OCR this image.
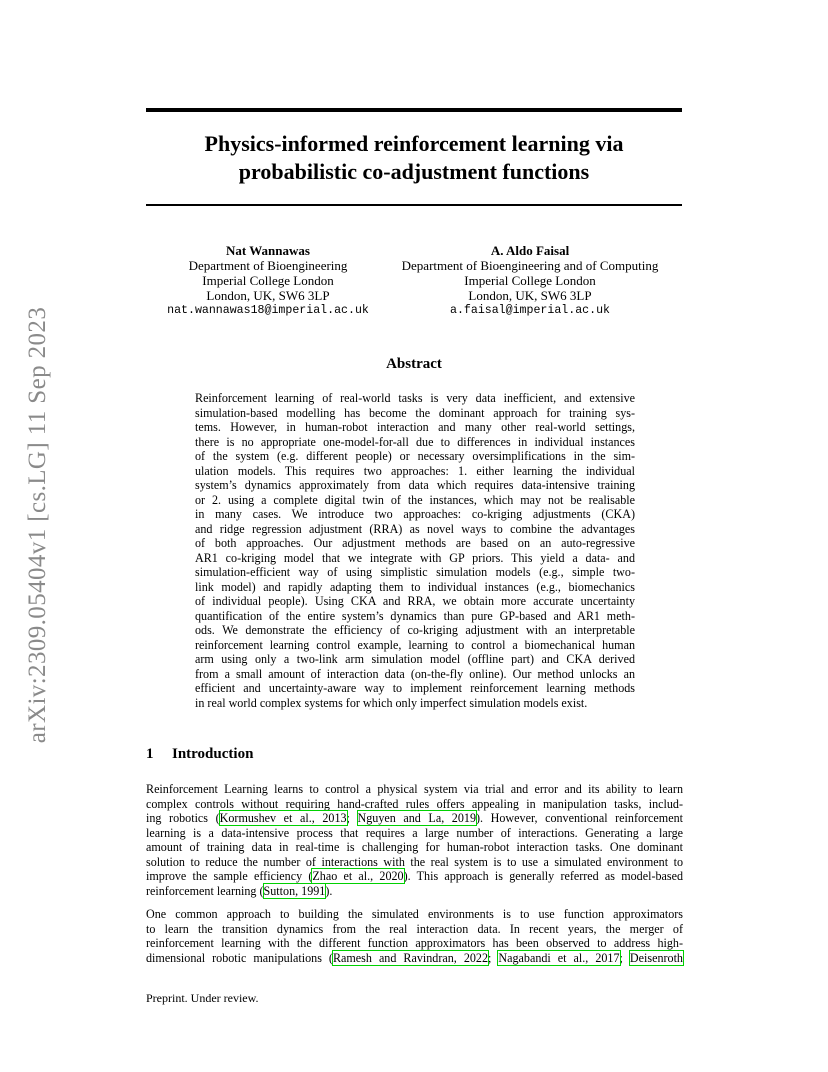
arXiv:2309.05404v1 [cs.LG] 11 Sep 2023
Physics-informed reinforcement learning via
probabilistic co-adjustment functions
Nat Wannawas
Department of Bioengineering
Imperial College London
London, UK, SW6 3LP
nat.wannawas18@imperial.ac.uk
A. Aldo Faisal
Department of Bioengineering and of Computing
Imperial College London
London, UK, SW6 3LP
a.faisal@imperial.ac.uk
Abstract
Reinforcement learning of real-world tasks is very data inefficient, and extensive
simulation-based modelling has become the dominant approach for training sys-
tems. However, in human-robot interaction and many other real-world settings,
there is no appropriate one-model-for-all due to differences in individual instances
of the system (e.g. different people) or necessary oversimplifications in the sim-
ulation models. This requires two approaches: 1. either learning the individual
system’s dynamics approximately from data which requires data-intensive training
or 2. using a complete digital twin of the instances, which may not be realisable
in many cases. We introduce two approaches: co-kriging adjustments (CKA)
and ridge regression adjustment (RRA) as novel ways to combine the advantages
of both approaches. Our adjustment methods are based on an auto-regressive
AR1 co-kriging model that we integrate with GP priors. This yield a data- and
simulation-efficient way of using simplistic simulation models (e.g., simple two-
link model) and rapidly adapting them to individual instances (e.g., biomechanics
of individual people). Using CKA and RRA, we obtain more accurate uncertainty
quantification of the entire system’s dynamics than pure GP-based and AR1 meth-
ods. We demonstrate the efficiency of co-kriging adjustment with an interpretable
reinforcement learning control example, learning to control a biomechanical human
arm using only a two-link arm simulation model (offline part) and CKA derived
from a small amount of interaction data (on-the-fly online). Our method unlocks an
efficient and uncertainty-aware way to implement reinforcement learning methods
in real world complex systems for which only imperfect simulation models exist.
1 Introduction
Reinforcement Learning learns to control a physical system via trial and error and its ability to learn
complex controls without requiring hand-crafted rules offers appealing in manipulation tasks, includ-
ing robotics (Kormushev et al., 2013; Nguyen and La, 2019). However, conventional reinforcement
learning is a data-intensive process that requires a large number of interactions. Generating a large
amount of training data in real-time is challenging for human-robot interaction tasks. One dominant
solution to reduce the number of interactions with the real system is to use a simulated environment to
improve the sample efficiency (Zhao et al., 2020). This approach is generally referred as model-based
reinforcement learning (Sutton, 1991).
One common approach to building the simulated environments is to use function approximators
to learn the transition dynamics from the real interaction data. In recent years, the merger of
reinforcement learning with the different function approximators has been observed to address high-
dimensional robotic manipulations (Ramesh and Ravindran, 2022; Nagabandi et al., 2017; Deisenroth
Preprint. Under review.
